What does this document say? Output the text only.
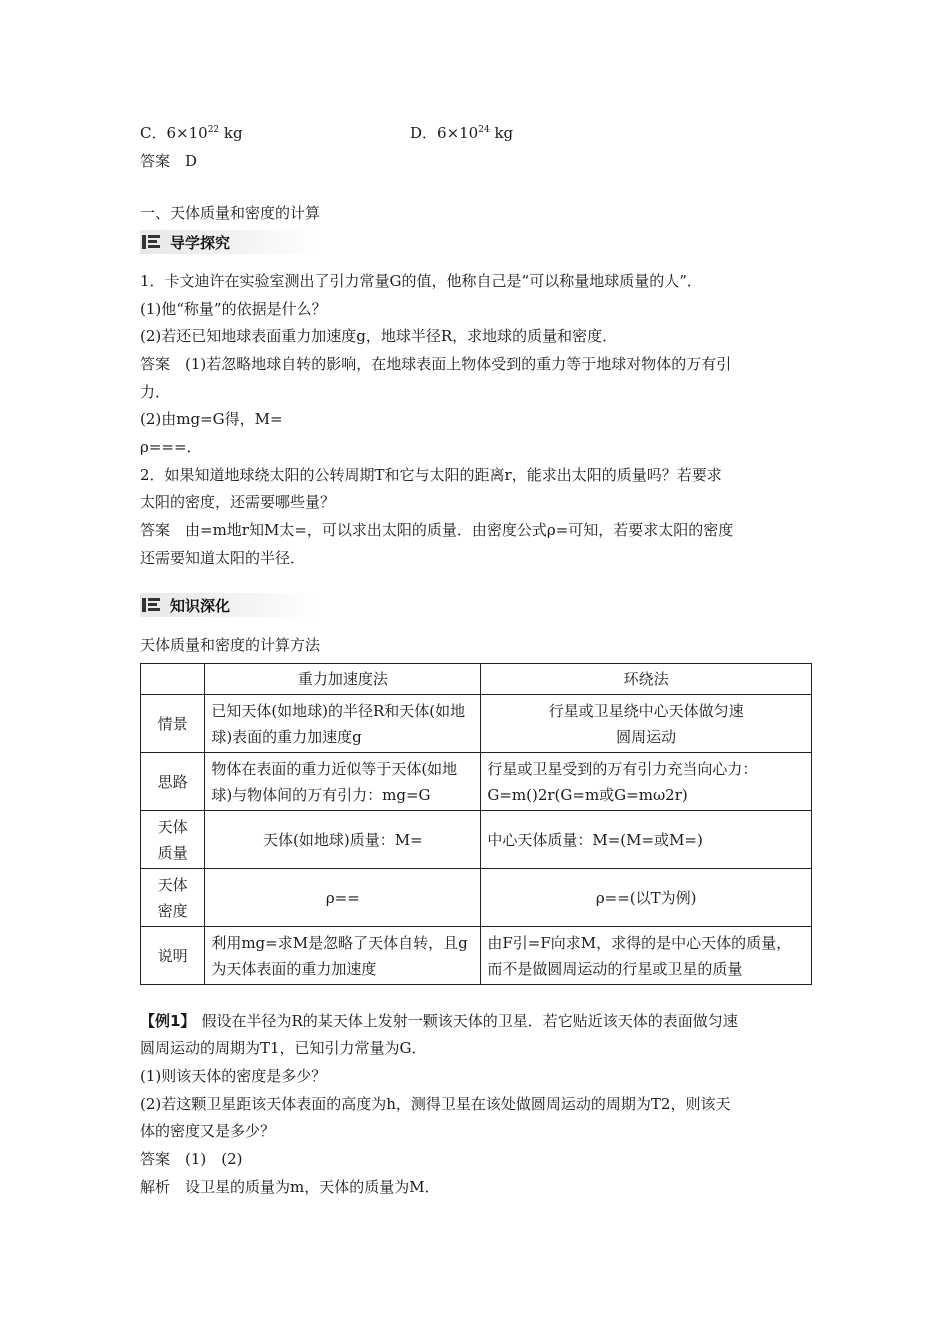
C．$6\times 10^{22}$ kg	D．$6\times 10^{24}$ kg
答案　D
一、天体质量和密度的计算
导学探究
1．卡文迪许在实验室测出了引力常量G的值，他称自己是“可以称量地球质量的人”．
(1)他“称量”的依据是什么？
(2)若还已知地球表面重力加速度g，地球半径R，求地球的质量和密度．
答案　(1)若忽略地球自转的影响，在地球表面上物体受到的重力等于地球对物体的万有引
力．
(2)由mg=G得，M=
ρ===．
2．如果知道地球绕太阳的公转周期T和它与太阳的距离r，能求出太阳的质量吗？若要求
太阳的密度，还需要哪些量？
答案　由=m地r知M太=，可以求出太阳的质量．由密度公式ρ=可知，若要求太阳的密度
还需要知道太阳的半径．
知识深化
天体质量和密度的计算方法
	重力加速度法	环绕法
情景	已知天体(如地球)的半径R和天体(如地球)表面的重力加速度g	行星或卫星绕中心天体做匀速圆周运动
思路	物体在表面的重力近似等于天体(如地球)与物体间的万有引力：mg=G	行星或卫星受到的万有引力充当向心力：G=m()2r(G=m或G=mω2r)
天体质量	天体(如地球)质量：M=	中心天体质量：M=(M=或M=)
天体密度	ρ==	ρ==(以T为例)
说明	利用mg=求M是忽略了天体自转，且g为天体表面的重力加速度	由F引=F向求M，求得的是中心天体的质量，而不是做圆周运动的行星或卫星的质量
【例1】 假设在半径为R的某天体上发射一颗该天体的卫星．若它贴近该天体的表面做匀速
圆周运动的周期为T1，已知引力常量为G．
(1)则该天体的密度是多少？
(2)若这颗卫星距该天体表面的高度为h，测得卫星在该处做圆周运动的周期为T2，则该天
体的密度又是多少？
答案　(1)　(2)
解析　设卫星的质量为m，天体的质量为M．
